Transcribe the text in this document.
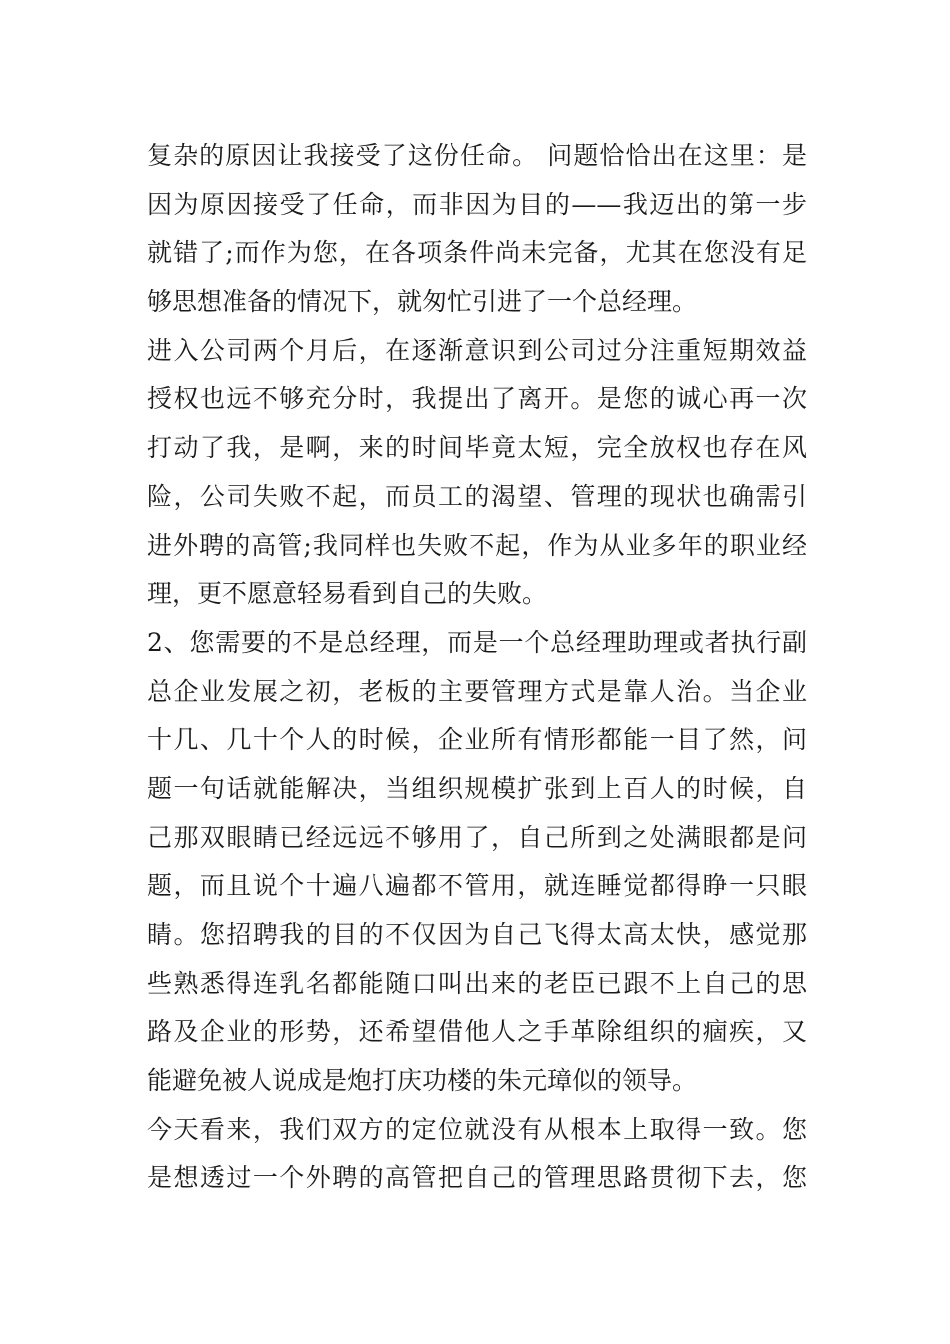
复杂的原因让我接受了这份任命。 问题恰恰出在这里：是
因为原因接受了任命，而非因为目的——我迈出的第一步
就错了;而作为您，在各项条件尚未完备，尤其在您没有足
够思想准备的情况下，就匆忙引进了一个总经理。
进入公司两个月后，在逐渐意识到公司过分注重短期效益
授权也远不够充分时，我提出了离开。是您的诚心再一次
打动了我，是啊，来的时间毕竟太短，完全放权也存在风
险，公司失败不起，而员工的渴望、管理的现状也确需引
进外聘的高管;我同样也失败不起，作为从业多年的职业经
理，更不愿意轻易看到自己的失败。
2、您需要的不是总经理，而是一个总经理助理或者执行副
总企业发展之初，老板的主要管理方式是靠人治。当企业
十几、几十个人的时候，企业所有情形都能一目了然，问
题一句话就能解决，当组织规模扩张到上百人的时候，自
己那双眼睛已经远远不够用了，自己所到之处满眼都是问
题，而且说个十遍八遍都不管用，就连睡觉都得睁一只眼
睛。您招聘我的目的不仅因为自己飞得太高太快，感觉那
些熟悉得连乳名都能随口叫出来的老臣已跟不上自己的思
路及企业的形势，还希望借他人之手革除组织的痼疾，又
能避免被人说成是炮打庆功楼的朱元璋似的领导。
今天看来，我们双方的定位就没有从根本上取得一致。您
是想透过一个外聘的高管把自己的管理思路贯彻下去，您
